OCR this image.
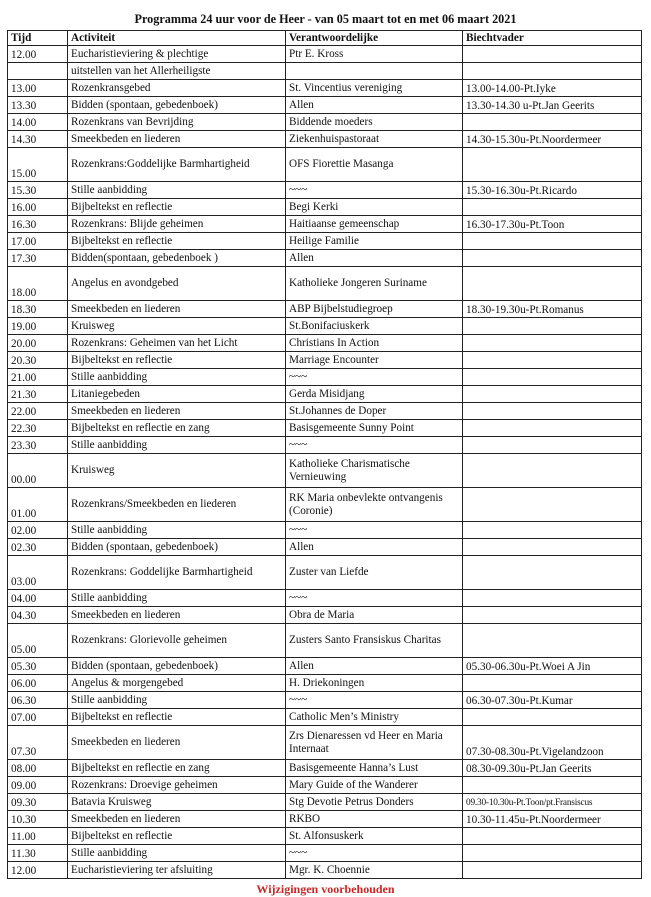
Programma 24 uur voor de Heer - van 05 maart tot en met 06 maart 2021
Tijd	Activiteit	Verantwoordelijke	Biechtvader
12.00	Eucharistieviering & plechtige	Ptr E. Kross	
	uitstellen van het Allerheiligste		
13.00	Rozenkransgebed	St. Vincentius vereniging	13.00-14.00-Pt.Iyke
13.30	Bidden (spontaan, gebedenboek)	Allen	13.30-14.30 u-Pt.Jan Geerits
14.00	Rozenkrans van Bevrijding	Biddende moeders	
14.30	Smeekbeden en liederen	Ziekenhuispastoraat	14.30-15.30u-Pt.Noordermeer
15.00	Rozenkrans:Goddelijke Barmhartigheid	OFS Fiorettie Masanga	
15.30	Stille aanbidding	~~~	15.30-16.30u-Pt.Ricardo
16.00	Bijbeltekst en reflectie	Begi Kerki	
16.30	Rozenkrans: Blijde geheimen	Haitiaanse gemeenschap	16.30-17.30u-Pt.Toon
17.00	Bijbeltekst en reflectie	Heilige Familie	
17.30	Bidden(spontaan, gebedenboek )	Allen	
18.00	Angelus en avondgebed	Katholieke Jongeren Suriname	
18.30	Smeekbeden en liederen	ABP Bijbelstudiegroep	18.30-19.30u-Pt.Romanus
19.00	Kruisweg	St.Bonifaciuskerk	
20.00	Rozenkrans: Geheimen van het Licht	Christians In Action	
20.30	Bijbeltekst en reflectie	Marriage Encounter	
21.00	Stille aanbidding	~~~	
21.30	Litaniegebeden	Gerda Misidjang	
22.00	Smeekbeden en liederen	St.Johannes de Doper	
22.30	Bijbeltekst en reflectie en zang	Basisgemeente Sunny Point	
23.30	Stille aanbidding	~~~	
00.00	Kruisweg	Katholieke Charismatische Vernieuwing	
01.00	Rozenkrans/Smeekbeden en liederen	RK Maria onbevlekte ontvangenis (Coronie)	
02.00	Stille aanbidding	~~~	
02.30	Bidden (spontaan, gebedenboek)	Allen	
03.00	Rozenkrans: Goddelijke Barmhartigheid	Zuster van Liefde	
04.00	Stille aanbidding	~~~	
04.30	Smeekbeden en liederen	Obra de Maria	
05.00	Rozenkrans: Glorievolle geheimen	Zusters Santo Fransiskus Charitas	
05.30	Bidden (spontaan, gebedenboek)	Allen	05.30-06.30u-Pt.Woei A Jin
06.00	Angelus & morgengebed	H. Driekoningen	
06.30	Stille aanbidding	~~~	06.30-07.30u-Pt.Kumar
07.00	Bijbeltekst en reflectie	Catholic Men’s Ministry	
07.30	Smeekbeden en liederen	Zrs Dienaressen vd Heer en Maria Internaat	07.30-08.30u-Pt.Vigelandzoon
08.00	Bijbeltekst en reflectie en zang	Basisgemeente Hanna’s Lust	08.30-09.30u-Pt.Jan Geerits
09.00	Rozenkrans: Droevige geheimen	Mary Guide of the Wanderer	
09.30	Batavia Kruisweg	Stg Devotie Petrus Donders	09.30-10.30u-Pt.Toon/pt.Fransiscus
10.30	Smeekbeden en liederen	RKBO	10.30-11.45u-Pt.Noordermeer
11.00	Bijbeltekst en reflectie	St. Alfonsuskerk	
11.30	Stille aanbidding	~~~	
12.00	Eucharistieviering ter afsluiting	Mgr. K. Choennie	
Wijzigingen voorbehouden
